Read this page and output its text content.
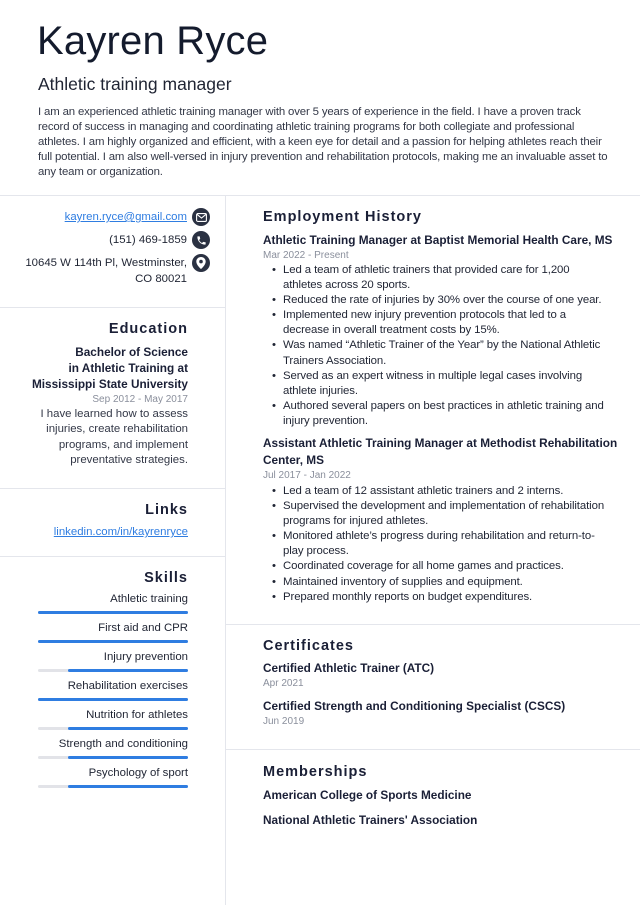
Kayren Ryce
Athletic training manager

I am an experienced athletic training manager with over 5 years of experience in the field. I have a proven track record of success in managing and coordinating athletic training programs for both collegiate and professional athletes. I am highly organized and efficient, with a keen eye for detail and a passion for helping athletes reach their full potential. I am also well-versed in injury prevention and rehabilitation protocols, making me an invaluable asset to any team or organization.

kayren.ryce@gmail.com
(151) 469-1859
10645 W 114th Pl, Westminster,
CO 80021
Education
Bachelor of Science
in Athletic Training at
Mississippi State University
Sep 2012 - May 2017
I have learned how to assess injuries, create rehabilitation programs, and implement preventative strategies.
Links
linkedin.com/in/kayrenryce
Skills
Athletic training
First aid and CPR
Injury prevention
Rehabilitation exercises
Nutrition for athletes
Strength and conditioning
Psychology of sport
Employment History
Athletic Training Manager at Baptist Memorial Health Care, MS
Mar 2022 - Present
• Led a team of athletic trainers that provided care for 1,200 athletes across 20 sports.
• Reduced the rate of injuries by 30% over the course of one year.
• Implemented new injury prevention protocols that led to a decrease in overall treatment costs by 15%.
• Was named “Athletic Trainer of the Year” by the National Athletic Trainers Association.
• Served as an expert witness in multiple legal cases involving athlete injuries.
• Authored several papers on best practices in athletic training and injury prevention.
Assistant Athletic Training Manager at Methodist Rehabilitation Center, MS
Jul 2017 - Jan 2022
• Led a team of 12 assistant athletic trainers and 2 interns.
• Supervised the development and implementation of rehabilitation programs for injured athletes.
• Monitored athlete’s progress during rehabilitation and return-to-play process.
• Coordinated coverage for all home games and practices.
• Maintained inventory of supplies and equipment.
• Prepared monthly reports on budget expenditures.
Certificates
Certified Athletic Trainer (ATC)
Apr 2021
Certified Strength and Conditioning Specialist (CSCS)
Jun 2019
Memberships
American College of Sports Medicine
National Athletic Trainers' Association
